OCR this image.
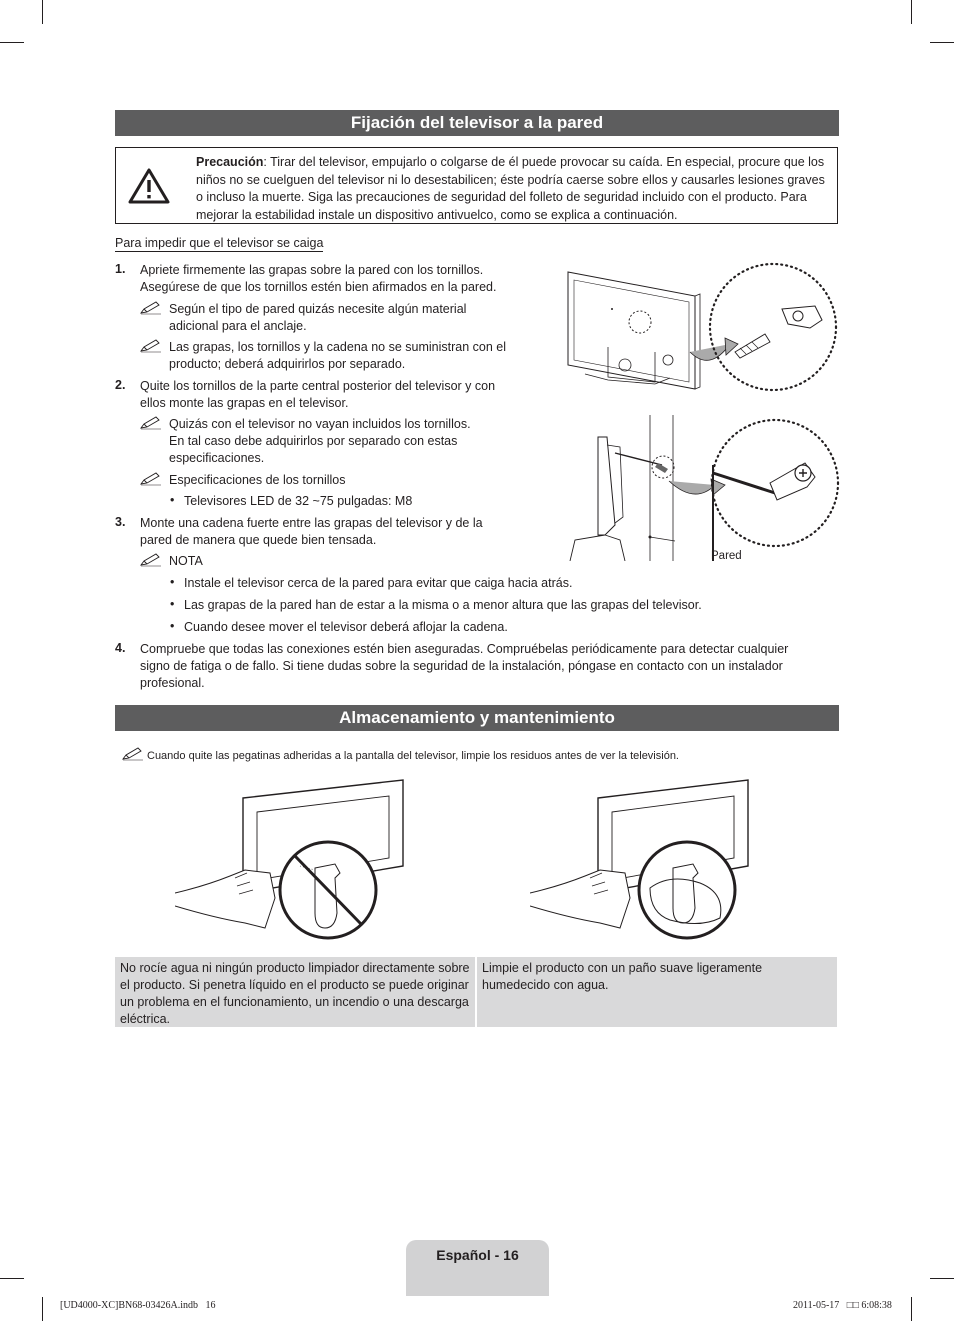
Fijación del televisor a la pared
Precaución: Tirar del televisor, empujarlo o colgarse de él puede provocar su caída. En especial, procure que los niños no se cuelguen del televisor ni lo desestabilicen; éste podría caerse sobre ellos y causarles lesiones graves o incluso la muerte. Siga las precauciones de seguridad del folleto de seguridad incluido con el producto. Para mejorar la estabilidad instale un dispositivo antivuelco, como se explica a continuación.
Para impedir que el televisor se caiga
1. Apriete firmemente las grapas sobre la pared con los tornillos. Asegúrese de que los tornillos estén bien afirmados en la pared.
Según el tipo de pared quizás necesite algún material adicional para el anclaje.
Las grapas, los tornillos y la cadena no se suministran con el producto; deberá adquirirlos por separado.
2. Quite los tornillos de la parte central posterior del televisor y con ellos monte las grapas en el televisor.
Quizás con el televisor no vayan incluidos los tornillos. En tal caso debe adquirirlos por separado con estas especificaciones.
Especificaciones de los tornillos
• Televisores LED de 32 ~75 pulgadas: M8
3. Monte una cadena fuerte entre las grapas del televisor y de la pared de manera que quede bien tensada.
NOTA
• Instale el televisor cerca de la pared para evitar que caiga hacia atrás.
• Las grapas de la pared han de estar a la misma o a menor altura que las grapas del televisor.
• Cuando desee mover el televisor deberá aflojar la cadena.
4. Compruebe que todas las conexiones estén bien aseguradas. Compruébelas periódicamente para detectar cualquier signo de fatiga o de fallo. Si tiene dudas sobre la seguridad de la instalación, póngase en contacto con un instalador profesional.
Pared
Almacenamiento y mantenimiento
Cuando quite las pegatinas adheridas a la pantalla del televisor, limpie los residuos antes de ver la televisión.
No rocíe agua ni ningún producto limpiador directamente sobre el producto. Si penetra líquido en el producto se puede originar un problema en el funcionamiento, un incendio o una descarga eléctrica.
Limpie el producto con un paño suave ligeramente humedecido con agua.
Español - 16
[UD4000-XC]BN68-03426A.indb   16	2011-05-17   □□ 6:08:38
